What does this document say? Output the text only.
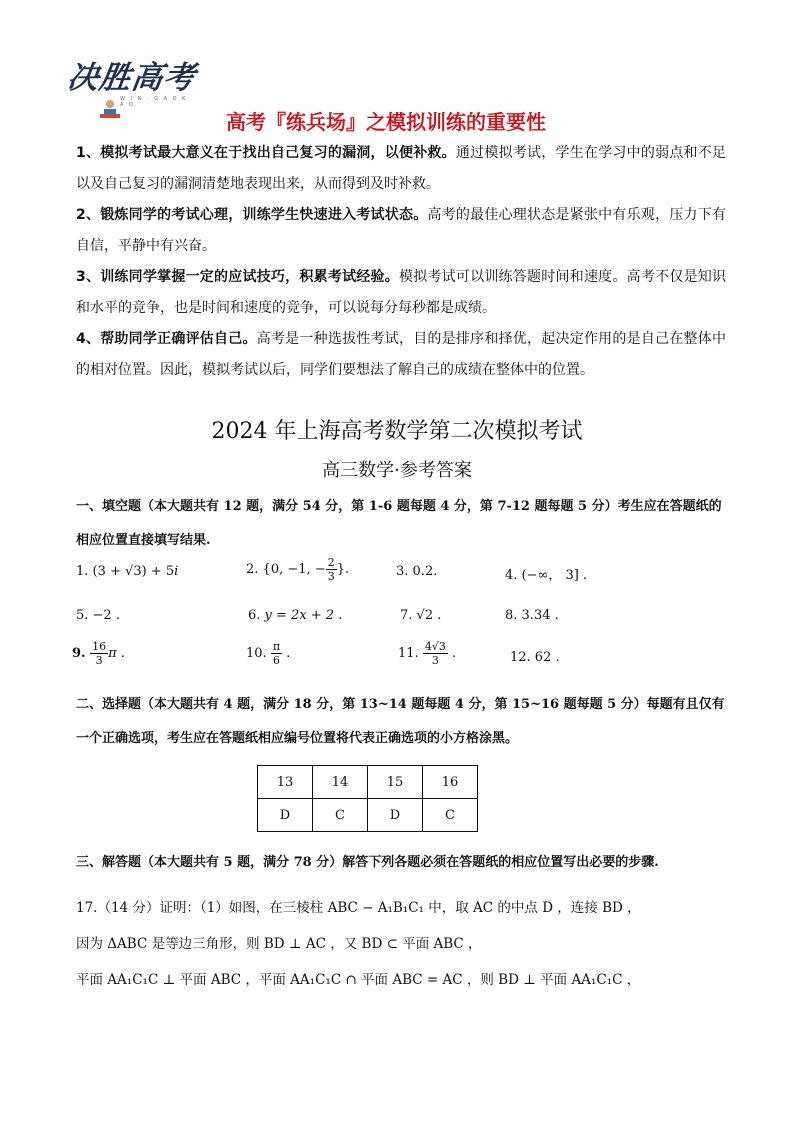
决胜高考
W I N · G A O K A O
高考『练兵场』之模拟训练的重要性
1、模拟考试最大意义在于找出自己复习的漏洞，以便补救。通过模拟考试，学生在学习中的弱点和不足以及自己复习的漏洞清楚地表现出来，从而得到及时补救。
2、锻炼同学的考试心理，训练学生快速进入考试状态。高考的最佳心理状态是紧张中有乐观，压力下有自信，平静中有兴奋。
3、训练同学掌握一定的应试技巧，积累考试经验。模拟考试可以训练答题时间和速度。高考不仅是知识和水平的竞争，也是时间和速度的竞争，可以说每分每秒都是成绩。
4、帮助同学正确评估自己。高考是一种选拔性考试，目的是排序和择优，起决定作用的是自己在整体中的相对位置。因此，模拟考试以后，同学们要想法了解自己的成绩在整体中的位置。
2024 年上海高考数学第二次模拟考试
高三数学·参考答案
一、填空题（本大题共有 12 题，满分 54 分，第 1-6 题每题 4 分，第 7-12 题每题 5 分）考生应在答题纸的相应位置直接填写结果.
1. (3 + √3) + 5i	2. {0, −1, − $\frac{2}{3}$ }.	3. 0.2.	4. (−∞， 3] .
5. −2 .	6. y = 2x + 2 .	7. √2 .	8. 3.34 .
9. $\frac{16}{3}$ π .	10. $\frac{\pi}{6}$ .	11. $\frac{4√3}{3}$ .	12. 62 .
二、选择题（本大题共有 4 题，满分 18 分，第 13~14 题每题 4 分，第 15~16 题每题 5 分）每题有且仅有一个正确选项，考生应在答题纸相应编号位置将代表正确选项的小方格涂黑。
13	14	15	16
D	C	D	C
三、解答题（本大题共有 5 题，满分 78 分）解答下列各题必须在答题纸的相应位置写出必要的步骤.
17.（14 分）证明：（1）如图，在三棱柱 ABC − A₁B₁C₁ 中，取 AC 的中点 D ，连接 BD ，
因为 ΔABC 是等边三角形，则 BD ⊥ AC ，又 BD ⊂ 平面 ABC ，
平面 AA₁C₁C ⊥ 平面 ABC ，平面 AA₁C₁C ∩ 平面 ABC = AC ，则 BD ⊥ 平面 AA₁C₁C ，
